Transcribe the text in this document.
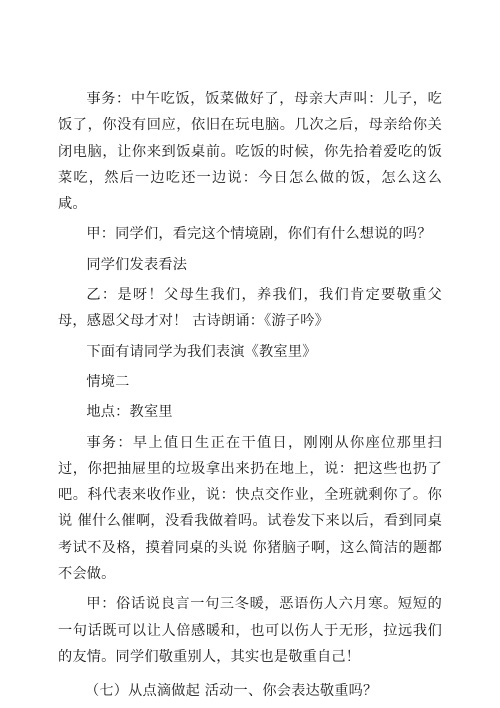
事务：中午吃饭，饭菜做好了，母亲大声叫：儿子，吃饭了，你没有回应，依旧在玩电脑。几次之后，母亲给你关闭电脑，让你来到饭桌前。吃饭的时候，你先拾着爱吃的饭菜吃，然后一边吃还一边说：今日怎么做的饭，怎么这么咸。

甲：同学们，看完这个情境剧，你们有什么想说的吗？

同学们发表看法

乙：是呀！父母生我们，养我们，我们肯定要敬重父母，感恩父母才对！ 古诗朗诵：《游子吟》

下面有请同学为我们表演《教室里》

情境二

地点：教室里

事务：早上值日生正在干值日，刚刚从你座位那里扫过，你把抽屉里的垃圾拿出来扔在地上，说：把这些也扔了吧。科代表来收作业，说：快点交作业，全班就剩你了。你说 催什么催啊，没看我做着吗。试卷发下来以后，看到同桌考试不及格，摸着同桌的头说 你猪脑子啊，这么简洁的题都不会做。

甲：俗话说良言一句三冬暖，恶语伤人六月寒。短短的一句话既可以让人倍感暖和，也可以伤人于无形，拉远我们的友情。同学们敬重别人，其实也是敬重自己！

（七）从点滴做起 活动一、你会表达敬重吗？
